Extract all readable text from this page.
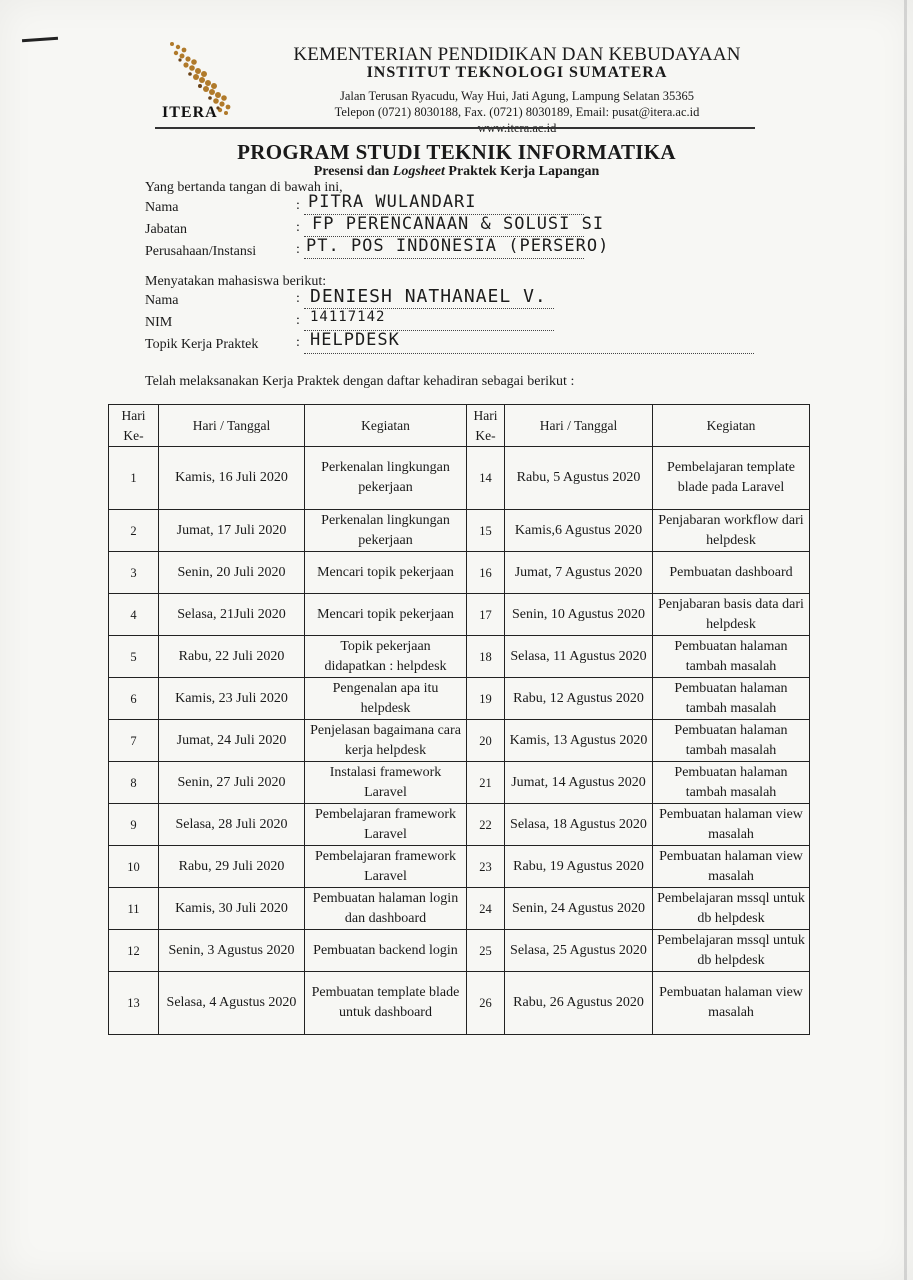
ITERA
KEMENTERIAN PENDIDIKAN DAN KEBUDAYAAN
INSTITUT TEKNOLOGI SUMATERA
Jalan Terusan Ryacudu, Way Hui, Jati Agung, Lampung Selatan 35365
Telepon (0721) 8030188, Fax. (0721) 8030189, Email: pusat@itera.ac.id
www.itera.ac.id
PROGRAM STUDI TEKNIK INFORMATIKA
Presensi dan Logsheet Praktek Kerja Lapangan
Yang bertanda tangan di bawah ini,
Nama	: PITRA WULANDARI
Jabatan	: FP PERENCANAAN & SOLUSI SI
Perusahaan/Instansi	: PT. POS INDONESIA (PERSERO)
Menyatakan mahasiswa berikut:
Nama	: DENIESH NATHANAEL V.
NIM	: 14117142
Topik Kerja Praktek	: HELPDESK
Telah melaksanakan Kerja Praktek dengan daftar kehadiran sebagai berikut :
Hari Ke-	Hari / Tanggal	Kegiatan	Hari Ke-	Hari / Tanggal	Kegiatan
1	Kamis, 16 Juli 2020	Perkenalan lingkungan pekerjaan	14	Rabu, 5 Agustus 2020	Pembelajaran template blade pada Laravel
2	Jumat, 17 Juli 2020	Perkenalan lingkungan pekerjaan	15	Kamis,6 Agustus 2020	Penjabaran workflow dari helpdesk
3	Senin, 20 Juli 2020	Mencari topik pekerjaan	16	Jumat, 7 Agustus 2020	Pembuatan dashboard
4	Selasa, 21Juli 2020	Mencari topik pekerjaan	17	Senin, 10 Agustus 2020	Penjabaran basis data dari helpdesk
5	Rabu, 22 Juli 2020	Topik pekerjaan didapatkan : helpdesk	18	Selasa, 11 Agustus 2020	Pembuatan halaman tambah masalah
6	Kamis, 23 Juli 2020	Pengenalan apa itu helpdesk	19	Rabu, 12 Agustus 2020	Pembuatan halaman tambah masalah
7	Jumat, 24 Juli 2020	Penjelasan bagaimana cara kerja helpdesk	20	Kamis, 13 Agustus 2020	Pembuatan halaman tambah masalah
8	Senin, 27 Juli 2020	Instalasi framework Laravel	21	Jumat, 14 Agustus 2020	Pembuatan halaman tambah masalah
9	Selasa, 28 Juli 2020	Pembelajaran framework Laravel	22	Selasa, 18 Agustus 2020	Pembuatan halaman view masalah
10	Rabu, 29 Juli 2020	Pembelajaran framework Laravel	23	Rabu, 19 Agustus 2020	Pembuatan halaman view masalah
11	Kamis, 30 Juli 2020	Pembuatan halaman login dan dashboard	24	Senin, 24 Agustus 2020	Pembelajaran mssql untuk db helpdesk
12	Senin, 3 Agustus 2020	Pembuatan backend login	25	Selasa, 25 Agustus 2020	Pembelajaran mssql untuk db helpdesk
13	Selasa, 4 Agustus 2020	Pembuatan template blade untuk dashboard	26	Rabu, 26 Agustus 2020	Pembuatan halaman view masalah
